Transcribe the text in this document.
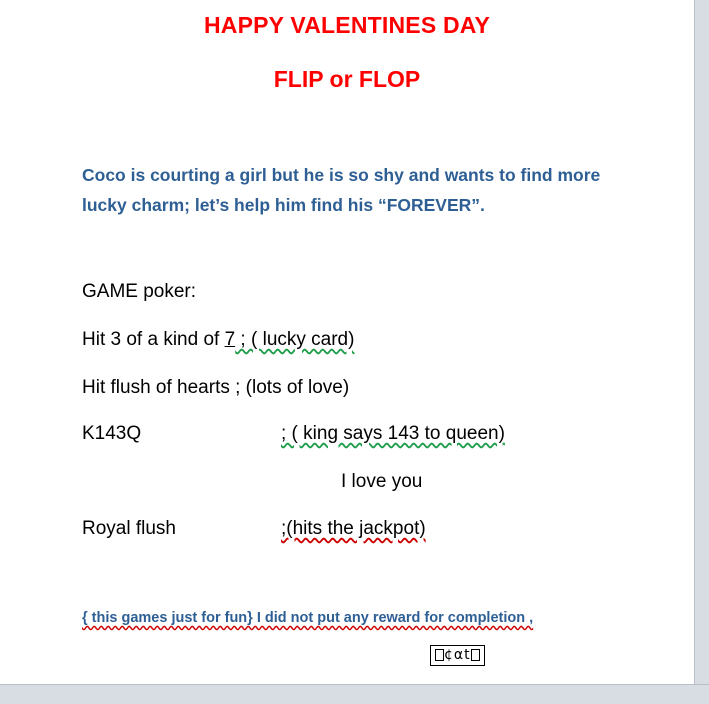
HAPPY VALENTINES DAY
FLIP or FLOP
Coco is courting a girl but he is so shy and wants to find more lucky charm; let’s help him find his “FOREVER”.
GAME poker:
Hit 3 of a kind of 7 ; ( lucky card)
Hit flush of hearts ; (lots of love)
K143Q	; ( king says 143 to queen)
I love you
Royal flush	;(hits the jackpot)
{ this games just for fun} I did not put any reward for completion ,
¢αt
